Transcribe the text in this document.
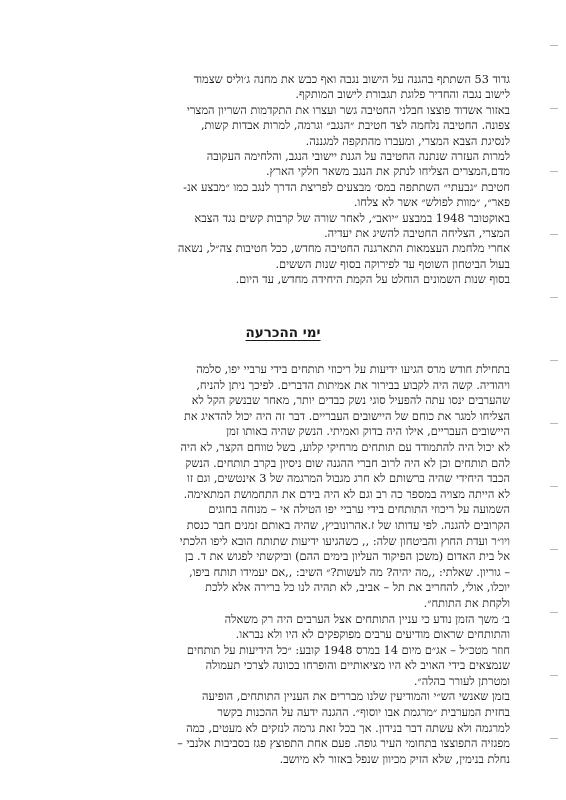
גדוד 53 השתתף בהגנה על הישוב נגבה ואף כבש את מחנה ג׳וליס שצמוד
לישוב נגבה והחדיר פלוגת תגבורת לישוב המותקף.
באזור אשדוד פוצצו חבלני החטיבה גשר ועצרו את התקדמות השריון המצרי
צפונה. החטיבה נלחמה לצד חטיבת ״הנגב״ וגרמה, למרות אבדות קשות,
לנסיגת הצבא המצרי, ומעברו מהתקפה למגננה.
למרות העזרה שנתנה החטיבה על הגנת יישובי הנגב, והלחימה העקובה
מדם,המצרים הצליחו לנתק את הנגב משאר חלקי הארץ.
חטיבת ״גבעתי״ השתתפה במס׳ מבצעים לפריצת הדרך לנגב כמו ״מבצע אנ-
פאר״, ״מוות לפולש״ אשר לא צלחו.
באוקטובר 1948 במבצע ״יואב״, לאחר שורה של קרבות קשים נגד הצבא
המצרי, הצליחה החטיבה להשיג את יעדיה.
אחרי מלחמת העצמאות התארגנה החטיבה מחדש, ככל חטיבות צה״ל, נשאה
בעול הביטחון השוטף עד לפירוקה בסוף שנות הששים.
בסוף שנות השמונים הוחלט על הקמת היחידה מחדש, עד היום.
ימי ההכרעה
בתחילת חודש מרס הגיעו ידיעות על ריכוזי תותחים בידי ערביי יפו, סלמה
ויהודיה. קשה היה לקבוע בבירור את אמיתות הדברים. לפיכך ניתן להניח,
שהערבים ינסו עתה להפעיל סוגי נשק כבדים יותר, מאחר שבנשק הקל לא
הצליחו למגר את כוחם של היישובים העבריים. דבר זה היה יכול להדאיג את
היישובים העבריים, אילו היה בדוק ואמיתי. הנשק שהיה באותו זמן
לא יכול היה להתמודד עם תותחים מרחיקי קלוע, בשל טווחם הקצר, לא היה
להם תותחים וכן לא היה לרוב חברי ההגנה שום ניסיון בקרב תותחים. הנשק
הכבד היחידי שהיה ברשותם לא חרג מגבול המרגמה של 3 אינטשים, וגם זו
לא הייתה מצויה במספר כה רב וגם לא היה בידם את התחמושת המתאימה.
השמועה על ריכוזי התותחים בידי ערביי יפו הטילה אי – מנוחה בחוגים
הקרובים להגנה. לפי עדותו של ז.אהרונוביץ, שהיה באותם זמנים חבר כנסת
ויו״ר ועדת החוץ והביטחון שלה: ,, כשהגיעו ידיעות שתותח הובא ליפו הלכתי
אל בית האדום (משכן הפיקוד העליון בימים ההם) וביקשתי לפגוש את ד. בן
– גוריון. שאלתי: ,,מה יהיה? מה לעשות?״ השיב: ,,אם יעמידו תותח ביפו,
יוכלו, אולי, להחריב את תל – אביב, לא תהיה לנו כל ברירה אלא ללכת
ולקחת את התותח״.
ב׳ משך הזמן נודע כי עניין התותחים אצל הערבים היה רק משאלה
והתותחים שראום מודיעים ערבים מפוקפקים לא היו ולא נבראו.
חוזר מטכ״ל – אג״ם מיום 14 במרס 1948 קובע: ״כל הידיעות על תותחים
שנמצאים בידי האויב לא היו מציאותיים והופרחו בכוונה לצרכי תעמולה
ומטרתן לעורר בהלה״.
בזמן שאנשי הש״י והמודיעין שלנו מבררים את העניין התותחים, הופיעה
בחזית המערבית ״מרגמת אבו יוסוף״. ההגנה ידעה על ההכנות בקשר
למרגמה ולא עשתה דבר בנידון. אך בכל זאת גרמה לנזקים לא מעטים, כמה
מפגזיה התפוצצו בתחומי העיר גופה. פעם אחת התפוצץ פגז בסביבות אלנבי –
נחלת בנימין, שלא הזיק מכיוון שנפל באזור לא מיושב.
